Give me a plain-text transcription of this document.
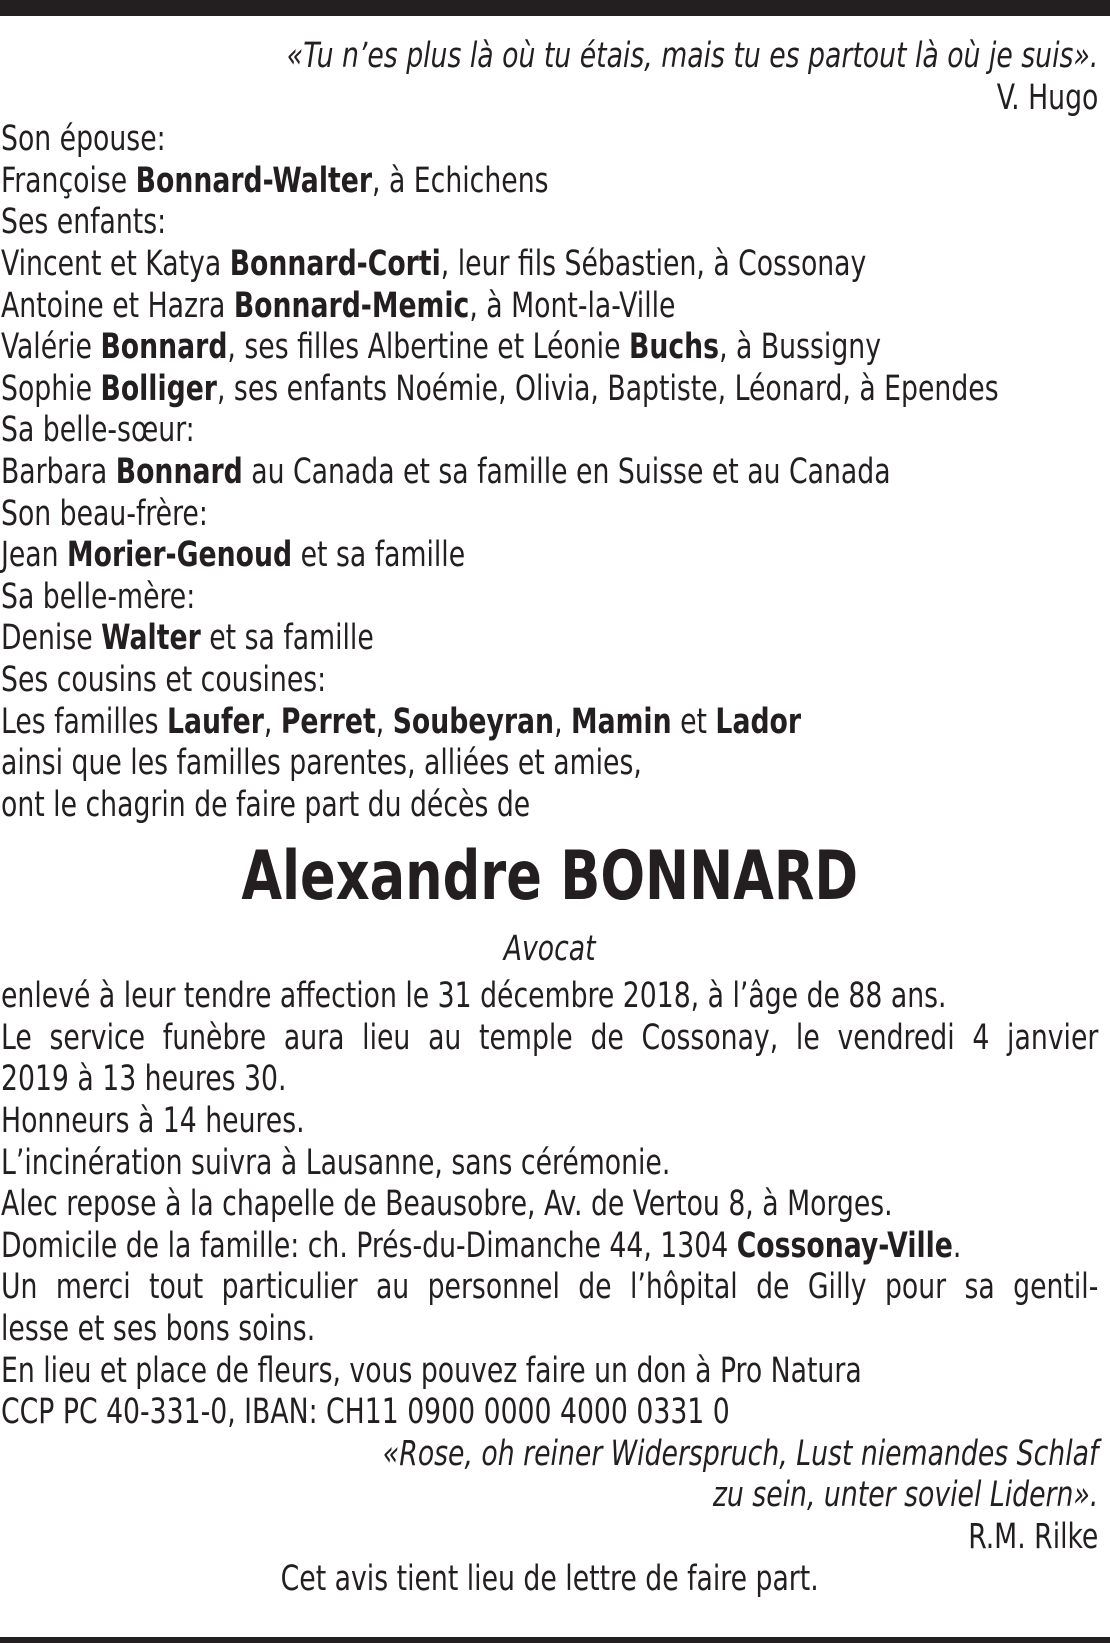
«Tu n’es plus là où tu étais, mais tu es partout là où je suis».
V. Hugo
Son épouse:
Françoise Bonnard-Walter, à Echichens
Ses enfants:
Vincent et Katya Bonnard-Corti, leur fils Sébastien, à Cossonay
Antoine et Hazra Bonnard-Memic, à Mont-la-Ville
Valérie Bonnard, ses filles Albertine et Léonie Buchs, à Bussigny
Sophie Bolliger, ses enfants Noémie, Olivia, Baptiste, Léonard, à Ependes
Sa belle-sœur:
Barbara Bonnard au Canada et sa famille en Suisse et au Canada
Son beau-frère:
Jean Morier-Genoud et sa famille
Sa belle-mère:
Denise Walter et sa famille
Ses cousins et cousines:
Les familles Laufer, Perret, Soubeyran, Mamin et Lador
ainsi que les familles parentes, alliées et amies,
ont le chagrin de faire part du décès de
Alexandre BONNARD
Avocat
enlevé à leur tendre affection le 31 décembre 2018, à l’âge de 88 ans.
Le service funèbre aura lieu au temple de Cossonay, le vendredi 4 janvier
2019 à 13 heures 30.
Honneurs à 14 heures.
L’incinération suivra à Lausanne, sans cérémonie.
Alec repose à la chapelle de Beausobre, Av. de Vertou 8, à Morges.
Domicile de la famille: ch. Prés-du-Dimanche 44, 1304 Cossonay-Ville.
Un merci tout particulier au personnel de l’hôpital de Gilly pour sa gentil-
lesse et ses bons soins.
En lieu et place de fleurs, vous pouvez faire un don à Pro Natura
CCP PC 40-331-0, IBAN: CH11 0900 0000 4000 0331 0
«Rose, oh reiner Widerspruch, Lust niemandes Schlaf
zu sein, unter soviel Lidern».
R.M. Rilke
Cet avis tient lieu de lettre de faire part.
